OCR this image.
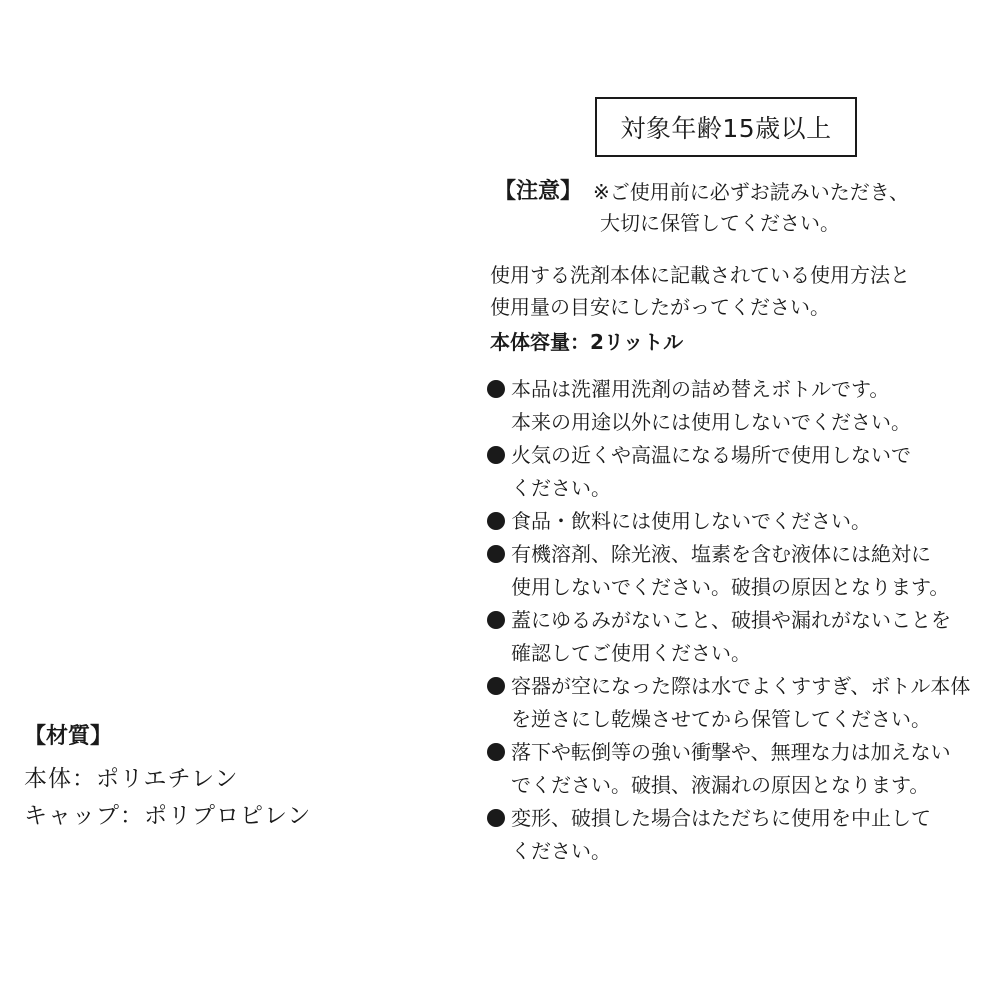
対象年齢15歳以上
【注意】 ※ご使用前に必ずお読みいただき、
大切に保管してください。
使用する洗剤本体に記載されている使用方法と
使用量の目安にしたがってください。
本体容量：2リットル
本品は洗濯用洗剤の詰め替えボトルです。
本来の用途以外には使用しないでください。
火気の近くや高温になる場所で使用しないで
ください。
食品・飲料には使用しないでください。
有機溶剤、除光液、塩素を含む液体には絶対に
使用しないでください。破損の原因となります。
蓋にゆるみがないこと、破損や漏れがないことを
確認してご使用ください。
容器が空になった際は水でよくすすぎ、ボトル本体
を逆さにし乾燥させてから保管してください。
落下や転倒等の強い衝撃や、無理な力は加えない
でください。破損、液漏れの原因となります。
変形、破損した場合はただちに使用を中止して
ください。
【材質】
本体：ポリエチレン
キャップ：ポリプロピレン
